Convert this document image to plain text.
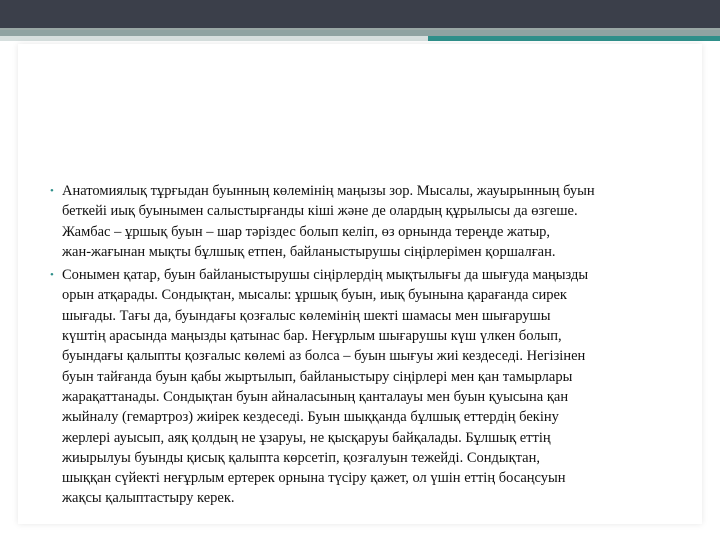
• Анатомиялық тұрғыдан буынның көлемінің маңызы зор. Мысалы, жауырынның буын
беткейі иық буынымен салыстырғанды кіші және де олардың құрылысы да өзгеше.
Жамбас – ұршық буын – шар тәріздес болып келіп, өз орнында тереңде жатыр,
жан-жағынан мықты бұлшық етпен, байланыстырушы сіңірлерімен қоршалған.
• Сонымен қатар, буын байланыстырушы сіңірлердің мықтылығы да шығуда маңызды
орын атқарады. Сондықтан, мысалы: ұршық буын, иық буынына қарағанда сирек
шығады. Тағы да, буындағы қозғалыс көлемінің шекті шамасы мен шығарушы
күштің арасында маңызды қатынас бар. Неғұрлым шығарушы күш үлкен болып,
буындағы қалыпты қозғалыс көлемі аз болса – буын шығуы жиі кездеседі. Негізінен
буын тайғанда буын қабы жыртылып, байланыстыру сіңірлері мен қан тамырлары
жарақаттанады. Сондықтан буын айналасының қанталауы мен буын қуысына қан
жыйналу (гемартроз) жиірек кездеседі. Буын шыққанда бұлшық еттердің бекіну
жерлері ауысып, аяқ қолдың не ұзаруы, не қысқаруы байқалады. Бұлшық еттің
жиырылуы буынды қисық қалыпта көрсетіп, қозғалуын тежейді. Сондықтан,
шыққан сүйекті неғұрлым ертерек орнына түсіру қажет, ол үшін еттің босаңсуын
жақсы қалыптастыру керек.
